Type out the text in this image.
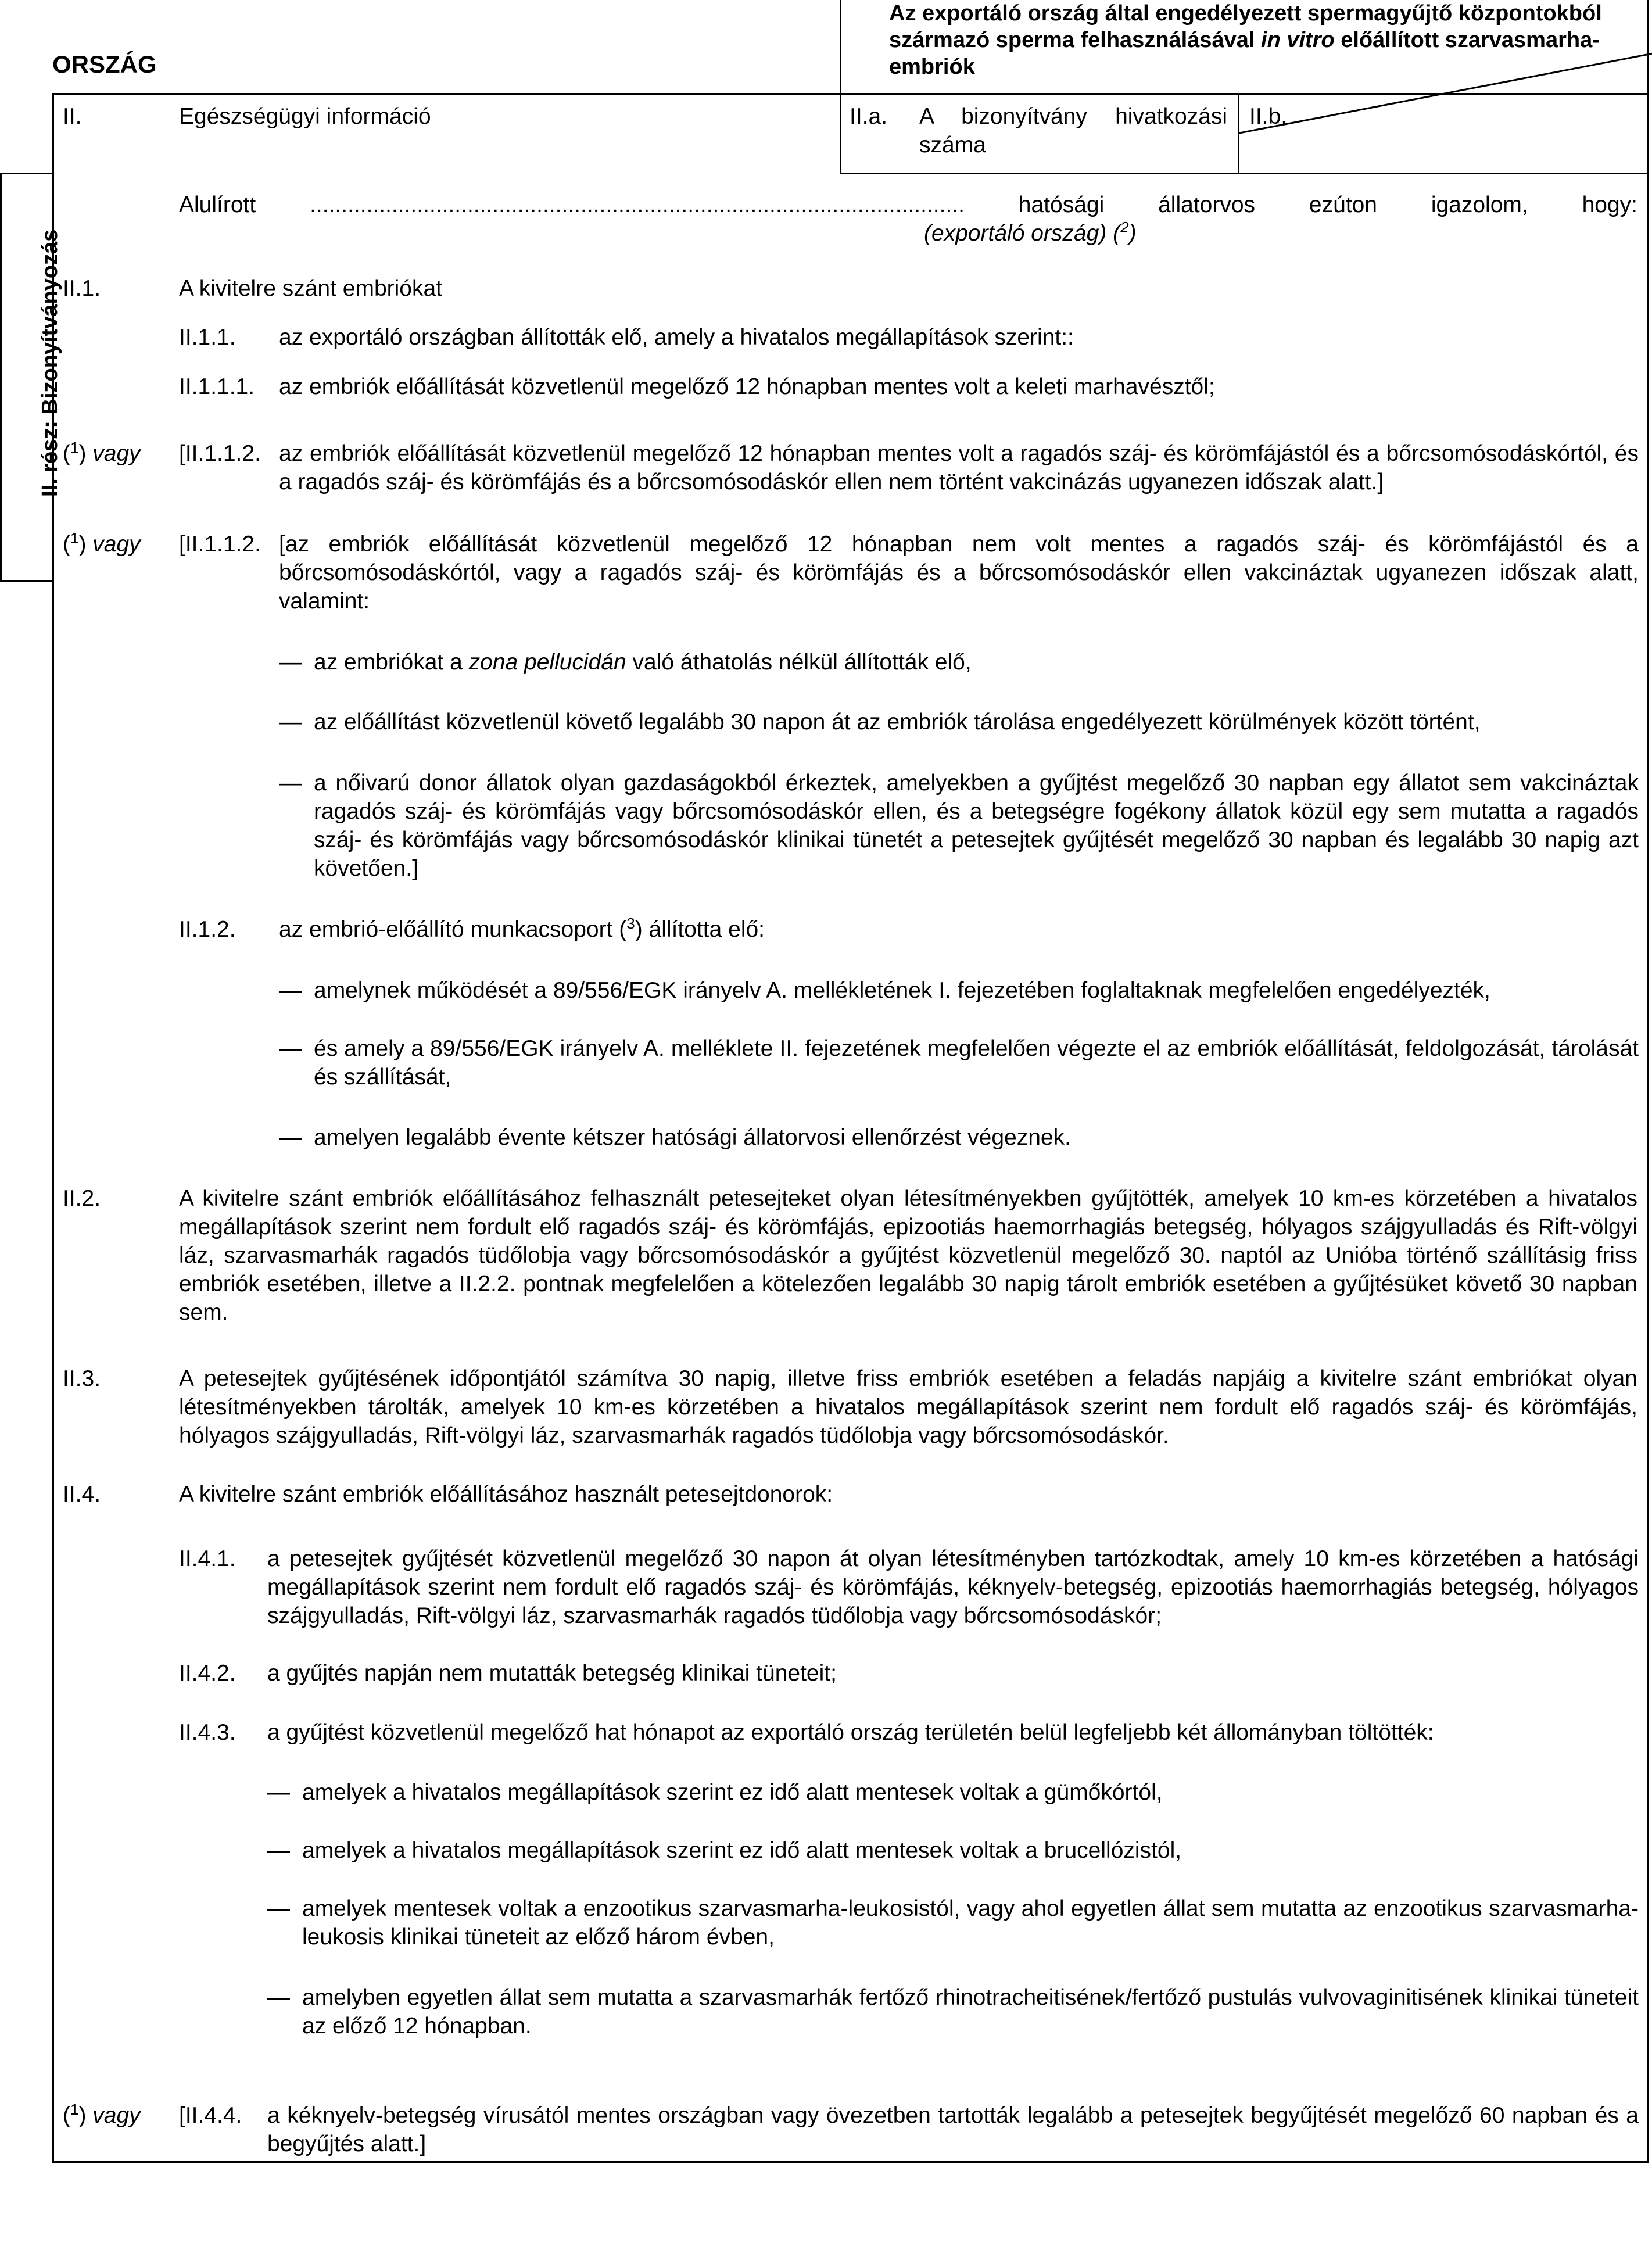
ORSZÁG
Az exportáló ország által engedélyezett spermagyűjtő központokból származó sperma felhasználásával in vitro előállított szarvasmarha-embriók
II.	Egészségügyi információ	II.a. A bizonyítvány hivatkozási száma
II.b.
II. rész: Bizonyítványozás
Alulírott ........................................................................................................ hatósági állatorvos ezúton igazolom, hogy:
(exportáló ország) ($^2$)
II.1.	A kivitelre szánt embriókat
II.1.1. az exportáló országban állították elő, amely a hivatalos megállapítások szerint::
II.1.1.1. az embriók előállítását közvetlenül megelőző 12 hónapban mentes volt a keleti marhavésztől;
($^1$) vagy [II.1.1.2. az embriók előállítását közvetlenül megelőző 12 hónapban mentes volt a ragadós száj- és körömfájástól és a bőrcsomósodáskórtól, és a ragadós száj- és körömfájás és a bőrcsomósodáskór ellen nem történt vakcinázás ugyanezen időszak alatt.]
($^1$) vagy [II.1.1.2. [az embriók előállítását közvetlenül megelőző 12 hónapban nem volt mentes a ragadós száj- és körömfájástól és a bőrcsomósodáskórtól, vagy a ragadós száj- és körömfájás és a bőrcsomósodáskór ellen vakcináztak ugyanezen időszak alatt, valamint:
— az embriókat a zona pellucidán való áthatolás nélkül állították elő,
— az előállítást közvetlenül követő legalább 30 napon át az embriók tárolása engedélyezett körülmények között történt,
— a nőivarú donor állatok olyan gazdaságokból érkeztek, amelyekben a gyűjtést megelőző 30 napban egy állatot sem vakcináztak ragadós száj- és körömfájás vagy bőrcsomósodáskór ellen, és a betegségre fogékony állatok közül egy sem mutatta a ragadós száj- és körömfájás vagy bőrcsomósodáskór klinikai tünetét a petesejtek gyűjtését megelőző 30 napban és legalább 30 napig azt követően.]
II.1.2. az embrió-előállító munkacsoport ($^3$) állította elő:
— amelynek működését a 89/556/EGK irányelv A. mellékletének I. fejezetében foglaltaknak megfelelően engedélyezték,
— és amely a 89/556/EGK irányelv A. melléklete II. fejezetének megfelelően végezte el az embriók előállítását, feldolgozását, tárolását és szállítását,
— amelyen legalább évente kétszer hatósági állatorvosi ellenőrzést végeznek.
II.2.	A kivitelre szánt embriók előállításához felhasznált petesejteket olyan létesítményekben gyűjtötték, amelyek 10 km-es körzetében a hivatalos megállapítások szerint nem fordult elő ragadós száj- és körömfájás, epizootiás haemorrhagiás betegség, hólyagos szájgyulladás és Rift-völgyi láz, szarvasmarhák ragadós tüdőlobja vagy bőrcsomósodáskór a gyűjtést közvetlenül megelőző 30. naptól az Unióba történő szállításig friss embriók esetében, illetve a II.2.2. pontnak megfelelően a kötelezően legalább 30 napig tárolt embriók esetében a gyűjtésüket követő 30 napban sem.
II.3.	A petesejtek gyűjtésének időpontjától számítva 30 napig, illetve friss embriók esetében a feladás napjáig a kivitelre szánt embriókat olyan létesítményekben tárolták, amelyek 10 km-es körzetében a hivatalos megállapítások szerint nem fordult elő ragadós száj- és körömfájás, hólyagos szájgyulladás, Rift-völgyi láz, szarvasmarhák ragadós tüdőlobja vagy bőrcsomósodáskór.
II.4.	A kivitelre szánt embriók előállításához használt petesejtdonorok:
II.4.1. a petesejtek gyűjtését közvetlenül megelőző 30 napon át olyan létesítményben tartózkodtak, amely 10 km-es körzetében a hatósági megállapítások szerint nem fordult elő ragadós száj- és körömfájás, kéknyelv-betegség, epizootiás haemorrhagiás betegség, hólyagos szájgyulladás, Rift-völgyi láz, szarvasmarhák ragadós tüdőlobja vagy bőrcsomósodáskór;
II.4.2. a gyűjtés napján nem mutatták betegség klinikai tüneteit;
II.4.3. a gyűjtést közvetlenül megelőző hat hónapot az exportáló ország területén belül legfeljebb két állományban töltötték:
— amelyek a hivatalos megállapítások szerint ez idő alatt mentesek voltak a gümőkórtól,
— amelyek a hivatalos megállapítások szerint ez idő alatt mentesek voltak a brucellózistól,
— amelyek mentesek voltak a enzootikus szarvasmarha-leukosistól, vagy ahol egyetlen állat sem mutatta az enzootikus szarvasmarha-leukosis klinikai tüneteit az előző három évben,
— amelyben egyetlen állat sem mutatta a szarvasmarhák fertőző rhinotracheitisének/fertőző pustulás vulvovaginitisének klinikai tüneteit az előző 12 hónapban.
($^1$) vagy [II.4.4. a kéknyelv-betegség vírusától mentes országban vagy övezetben tartották legalább a petesejtek begyűjtését megelőző 60 napban és a begyűjtés alatt.]
